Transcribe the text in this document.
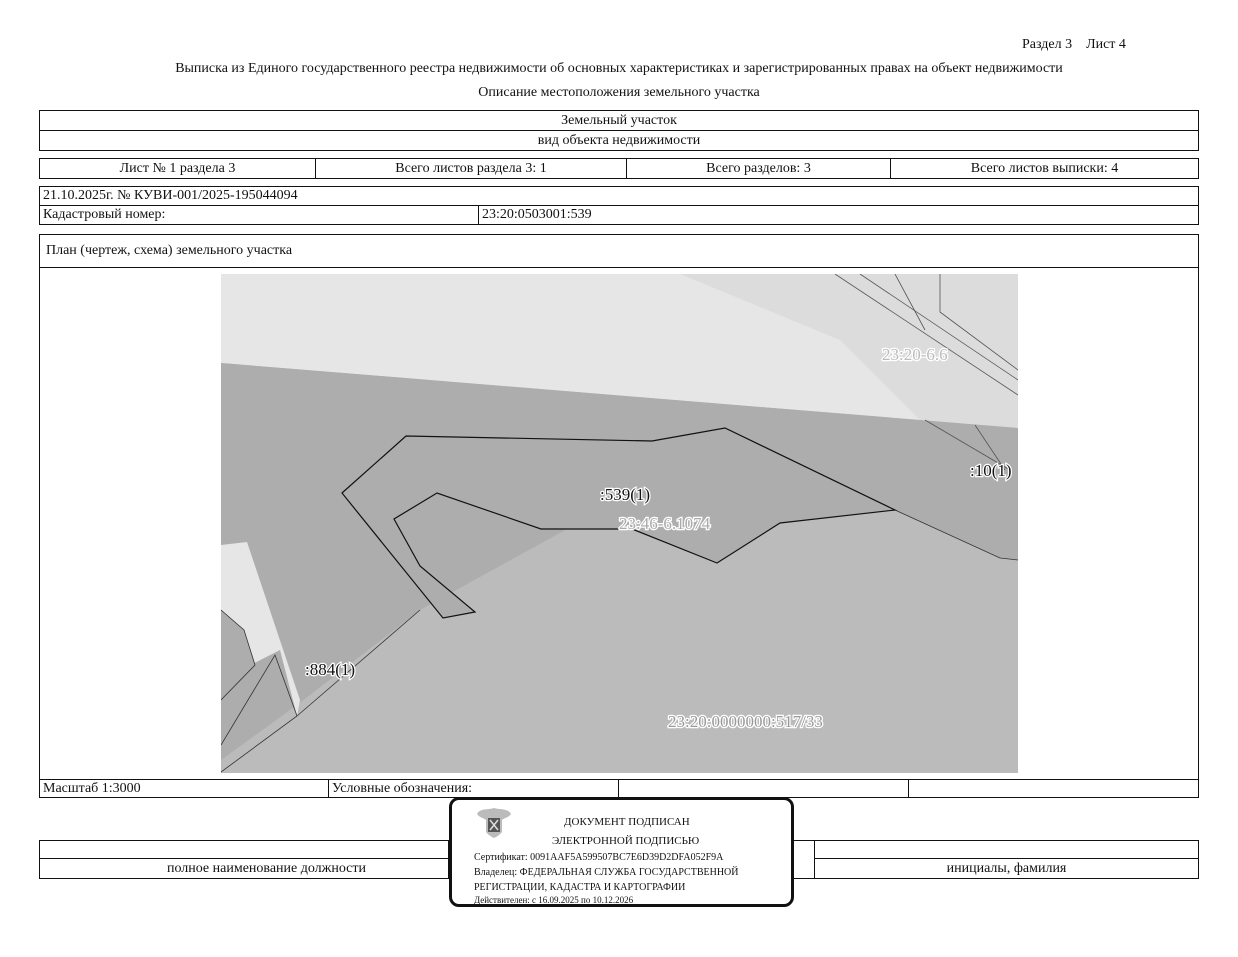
Раздел 3 Лист 4
Выписка из Единого государственного реестра недвижимости об основных характеристиках и зарегистрированных правах на объект недвижимости
Описание местоположения земельного участка
Земельный участок
вид объекта недвижимости
Лист № 1 раздела 3	Всего листов раздела 3: 1	Всего разделов: 3	Всего листов выписки: 4
21.10.2025г. № КУВИ-001/2025-195044094
Кадастровый номер:	23:20:0503001:539
План (чертеж, схема) земельного участка
:539(1)
23:46-6.1074
23:20-6.6
:10(1)
:884(1)
23:20:0000000:517/33
Масштаб 1:3000	Условные обозначения:
полное наименование должности	инициалы, фамилия
ДОКУМЕНТ ПОДПИСАН
ЭЛЕКТРОННОЙ ПОДПИСЬЮ
Сертификат: 0091AAF5A599507BC7E6D39D2DFA052F9A
Владелец: ФЕДЕРАЛЬНАЯ СЛУЖБА ГОСУДАРСТВЕННОЙ
РЕГИСТРАЦИИ, КАДАСТРА И КАРТОГРАФИИ
Действителен: с 16.09.2025 по 10.12.2026
